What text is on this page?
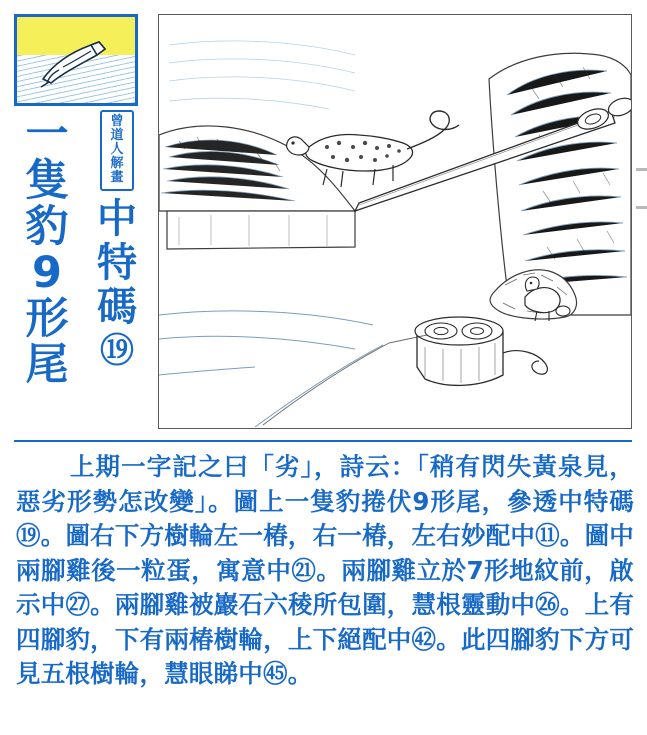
一
隻
豹
9
形
尾
曾
道
人
解
畫
中
特
碼
⑲
上期一字記之曰「劣」，詩云：「稍有閃失黃泉見，惡劣形勢怎改變」。圖上一隻豹捲伏9形尾，參透中特碼⑲。圖右下方樹輪左一椿，右一椿，左右妙配中⑪。圖中兩腳雞後一粒蛋，寓意中㉑。兩腳雞立於7形地紋前，啟示中㉗。兩腳雞被巖石六稜所包圍，慧根靈動中㉖。上有四腳豹，下有兩椿樹輪，上下絕配中㊷。此四腳豹下方可見五根樹輪，慧眼睇中㊺。
